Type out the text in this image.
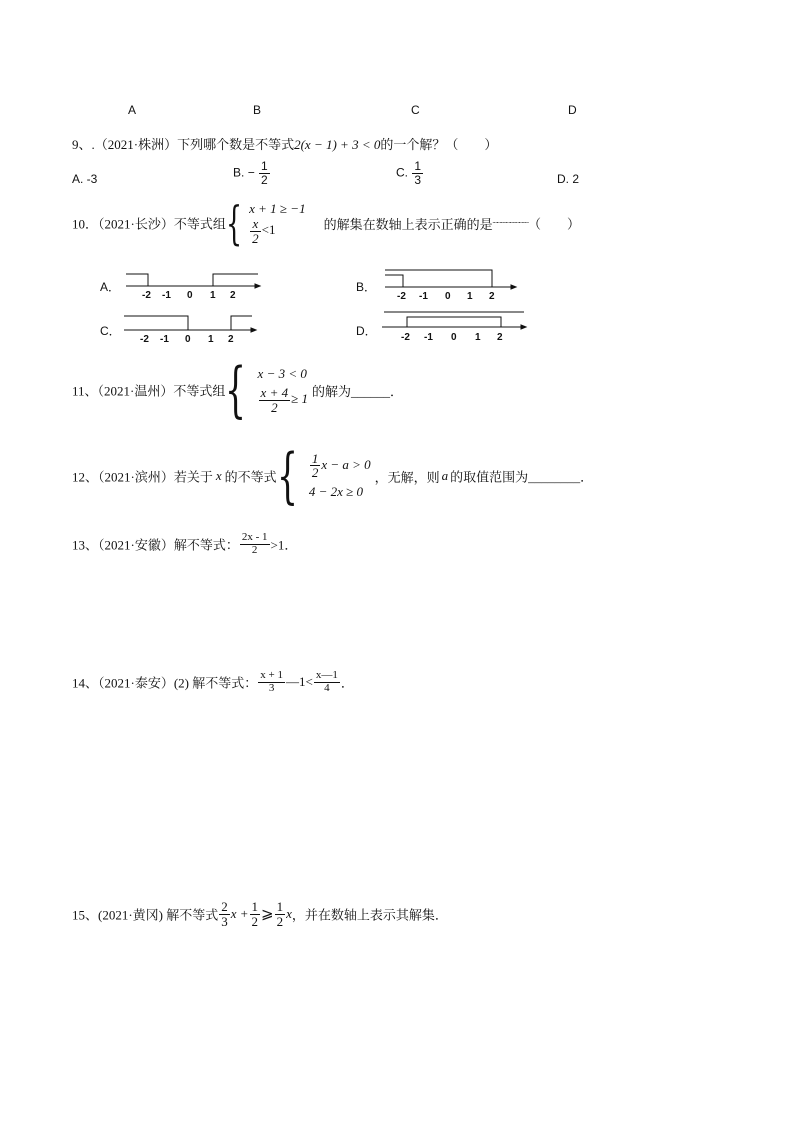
A	B	C	D
9、.（2021·株洲）下列哪个数是不等式2(x − 1) + 3 < 0的一个解？（　　）
A. -3	B. − $\frac{1}{2}$	C. $\frac{1}{3}$	D. 2
10．（2021·长沙）不等式组{ x + 1 ≥ −1
$\frac{x}{2} <1$	的解集在数轴上表示正确的是┈┈┈┈┈┈┈┈（　　）
A．	B．
C．	D．
-2 -1 0 1 2	-2 -1 0 1 2
-2 -1 0 1 2	-2 -1 0 1 2
11、（2021·温州）不等式组{ x − 3 < 0
$\frac{x + 4}{2} \ge 1$
的解为______．
12、（2021·滨州）若关于 x 的不等式{ $\frac{1}{2}$ x − a > 0
4 − 2x ≥ 0
，无解，则 a 的取值范围为________．
13、（2021·安徽）解不等式： $\frac{2x - 1}{2} >1$．
14、（2021·泰安）(2) 解不等式： $\frac{x + 1}{3}$ —1< $\frac{x—1}{4}$ ．
15、(2021·黄冈) 解不等式 $\frac{2}{3}$ $x + \frac{1}{2}$ ⩾ $\frac{1}{2}$ x，并在数轴上表示其解集．
